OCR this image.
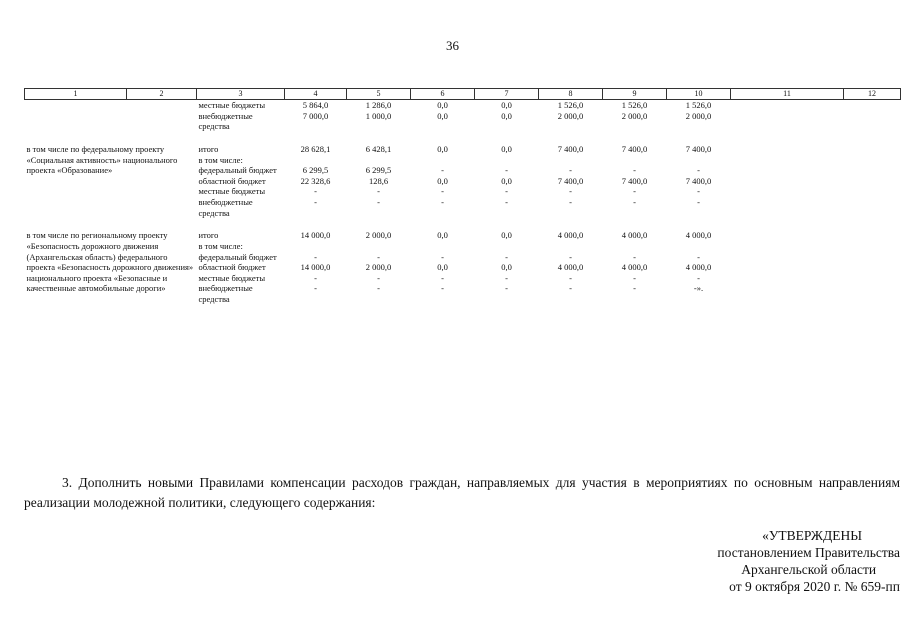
36
1	2	3	4	5	6	7	8	9	10	11	12
		местные бюджеты	5 864,0	1 286,0	0,0	0,0	1 526,0	1 526,0	1 526,0		
		внебюджетные средства	7 000,0	1 000,0	0,0	0,0	2 000,0	2 000,0	2 000,0		

в том числе по федеральному проекту «Социальная активность» национального проекта «Образование»		итого	28 628,1	6 428,1	0,0	0,0	7 400,0	7 400,0	7 400,0		
		в том числе:									
		федеральный бюджет	6 299,5	6 299,5	-	-	-	-	-		
		областной бюджет	22 328,6	128,6	0,0	0,0	7 400,0	7 400,0	7 400,0		
		местные бюджеты	-	-	-	-	-	-	-		
		внебюджетные средства	-	-	-	-	-	-	-		

в том числе по региональному проекту «Безопасность дорожного движения (Архангельская область) федерального проекта «Безопасность дорожного движения» национального проекта «Безопасные и качественные автомобильные дороги»		итого	14 000,0	2 000,0	0,0	0,0	4 000,0	4 000,0	4 000,0		
		в том числе:									
		федеральный бюджет	-	-	-	-	-	-	-		
		областной бюджет	14 000,0	2 000,0	0,0	0,0	4 000,0	4 000,0	4 000,0		
		местные бюджеты	-	-	-	-	-	-	-		
		внебюджетные средства	-	-	-	-	-	-	-».		
3. Дополнить новыми Правилами компенсации расходов граждан, направляемых для участия в мероприятиях по основным направлениям реализации молодежной политики, следующего содержания:
«УТВЕРЖДЕНЫ
постановлением Правительства
Архангельской области
от 9 октября 2020 г. № 659-пп
